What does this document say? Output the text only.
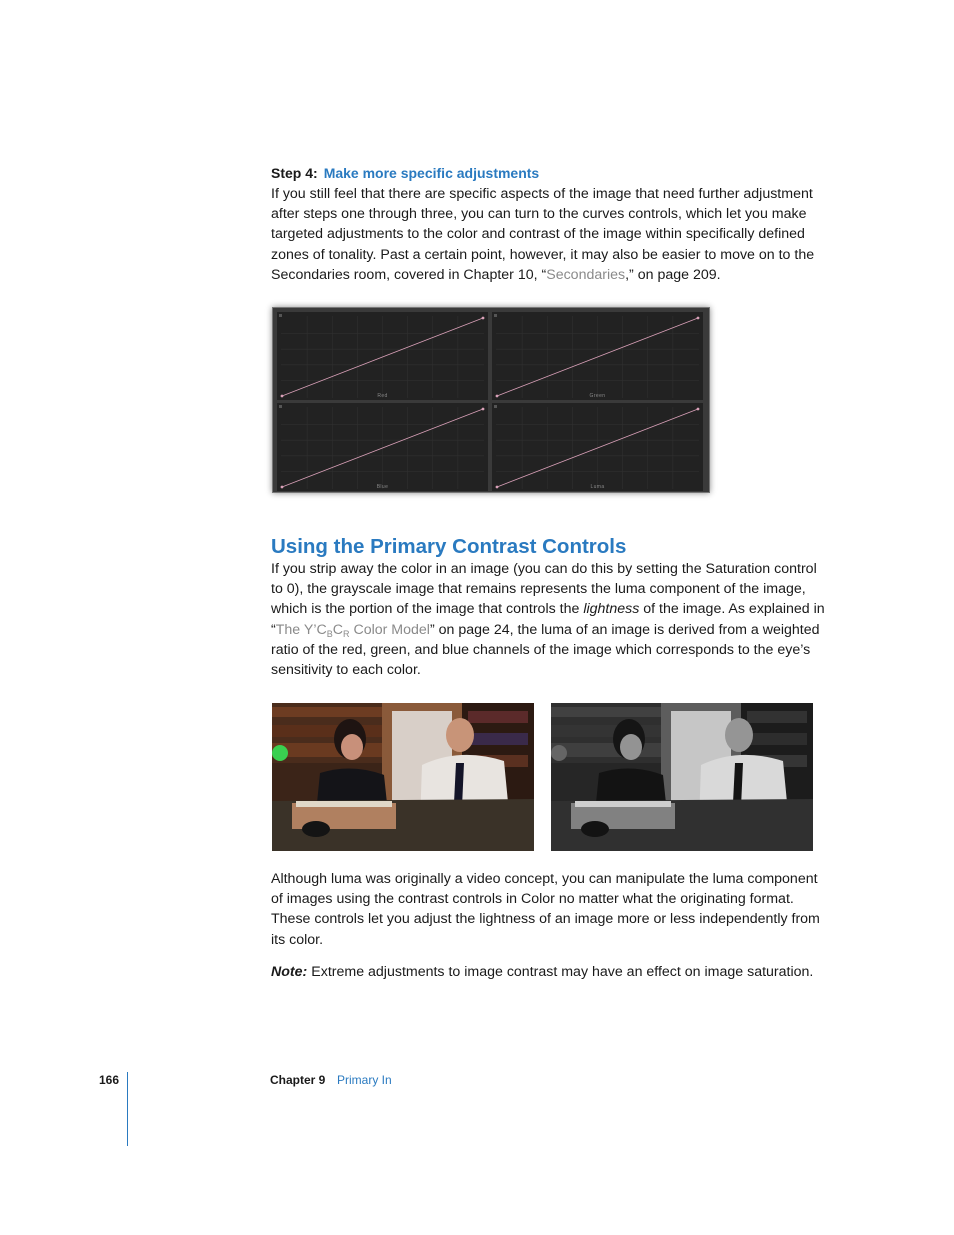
Step 4: Make more specific adjustments

If you still feel that there are specific aspects of the image that need further adjustment after steps one through three, you can turn to the curves controls, which let you make targeted adjustments to the color and contrast of the image within specifically defined zones of tonality. Past a certain point, however, it may also be easier to move on to the Secondaries room, covered in Chapter 10, “Secondaries,” on page 209.

Red	Green
Blue	Luma
Using the Primary Contrast Controls

If you strip away the color in an image (you can do this by setting the Saturation control to 0), the grayscale image that remains represents the luma component of the image, which is the portion of the image that controls the lightness of the image. As explained in “The $Y’C_BC_R$ Color Model” on page 24, the luma of an image is derived from a weighted ratio of the red, green, and blue channels of the image which corresponds to the eye’s sensitivity to each color.

Although luma was originally a video concept, you can manipulate the luma component of images using the contrast controls in Color no matter what the originating format. These controls let you adjust the lightness of an image more or less independently from its color.

Note: Extreme adjustments to image contrast may have an effect on image saturation.

166	Chapter 9 Primary In
